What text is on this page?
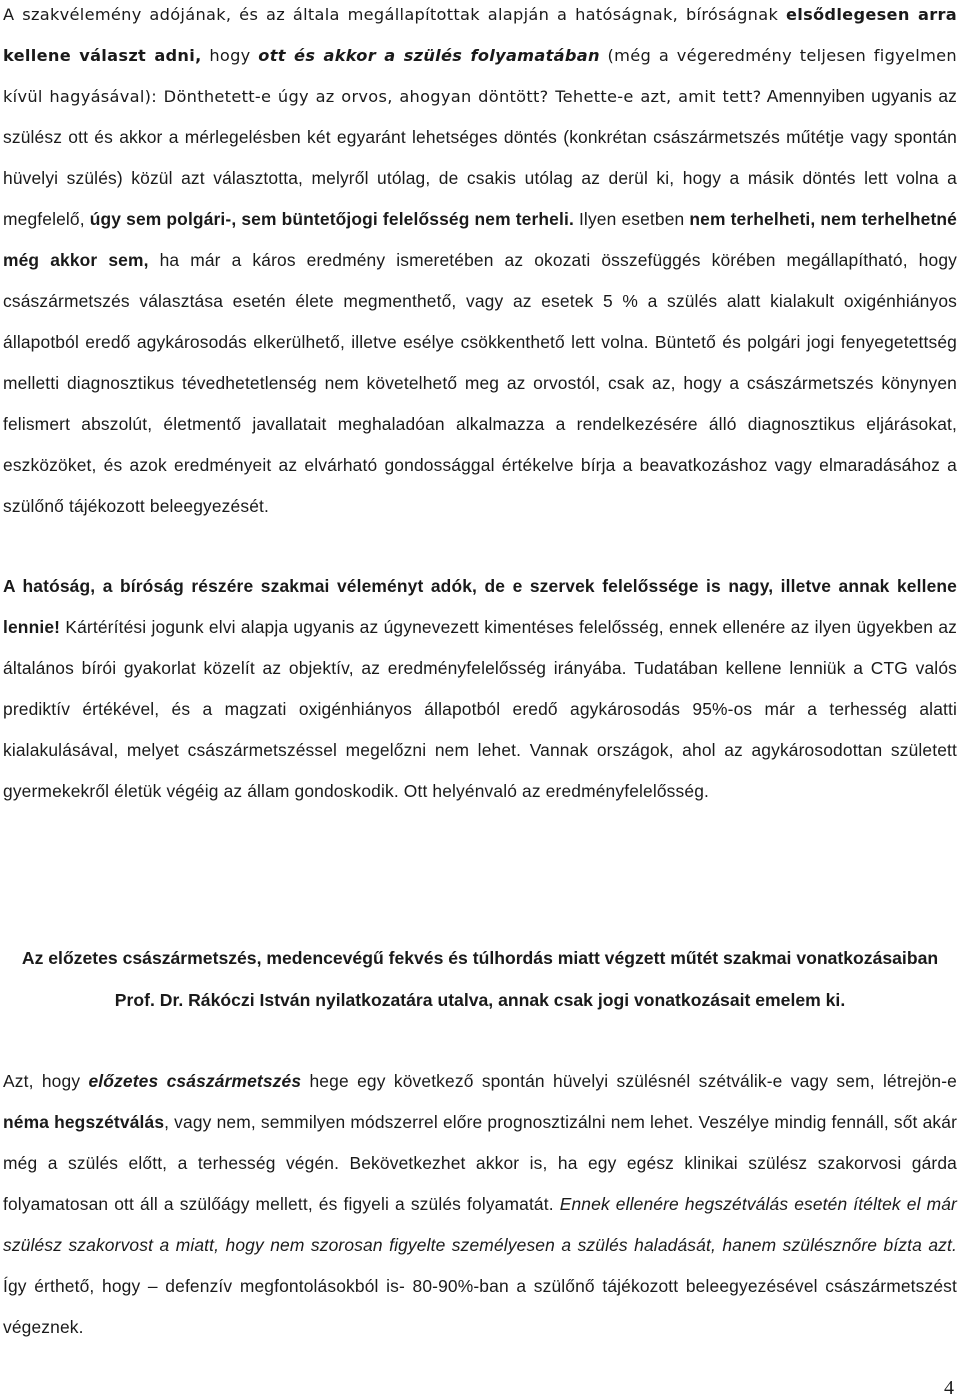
A szakvélemény adójának, és az általa megállapítottak alapján a hatóságnak, bíróságnak elsődlegesen arra kellene választ adni, hogy ott és akkor a szülés folyamatában (még a végeredmény teljesen figyelmen kívül hagyásával): Dönthetett-e úgy az orvos, ahogyan döntött? Tehette-e azt, amit tett? Amennyiben ugyanis az szülész ott és akkor a mérlegelésben két egyaránt lehetséges döntés (konkrétan császármetszés műtétje vagy spontán hüvelyi szülés) közül azt választotta, melyről utólag, de csakis utólag az derül ki, hogy a másik döntés lett volna a megfelelő, úgy sem polgári-, sem büntetőjogi felelősség nem terheli. Ilyen esetben nem terhelheti, nem terhelhetné még akkor sem, ha már a káros eredmény ismeretében az okozati összefüggés körében megállapítható, hogy császármetszés választása esetén élete megmenthető, vagy az esetek 5 % a szülés alatt kialakult oxigénhiányos állapotból eredő agykárosodás elkerülhető, illetve esélye csökkenthető lett volna. Büntető és polgári jogi fenyegetettség melletti diagnosztikus tévedhetetlenség nem követelhető meg az orvostól, csak az, hogy a császármetszés könynyen felismert abszolút, életmentő javallatait meghaladóan alkalmazza a rendelkezésére álló diagnosztikus eljárásokat, eszközöket, és azok eredményeit az elvárható gondossággal értékelve bírja a beavatkozáshoz vagy elmaradásához a szülőnő tájékozott beleegyezését.

A hatóság, a bíróság részére szakmai véleményt adók, de e szervek felelőssége is nagy, illetve annak kellene lennie! Kártérítési jogunk elvi alapja ugyanis az úgynevezett kimentéses felelősség, ennek ellenére az ilyen ügyekben az általános bírói gyakorlat közelít az objektív, az eredményfelelősség irányába. Tudatában kellene lenniük a CTG valós prediktív értékével, és a magzati oxigénhiányos állapotból eredő agykárosodás 95%-os már a terhesség alatti kialakulásával, melyet császármetszéssel megelőzni nem lehet. Vannak országok, ahol az agykárosodottan született gyermekekről életük végéig az állam gondoskodik. Ott helyénvaló az eredményfelelősség.

Az előzetes császármetszés, medencevégű fekvés és túlhordás miatt végzett műtét szakmai vonatkozásaiban Prof. Dr. Rákóczi István nyilatkozatára utalva, annak csak jogi vonatkozásait emelem ki.

Azt, hogy előzetes császármetszés hege egy következő spontán hüvelyi szülésnél szétválik-e vagy sem, létrejön-e néma hegszétválás, vagy nem, semmilyen módszerrel előre prognosztizálni nem lehet. Veszélye mindig fennáll, sőt akár még a szülés előtt, a terhesség végén. Bekövetkezhet akkor is, ha egy egész klinikai szülész szakorvosi gárda folyamatosan ott áll a szülőágy mellett, és figyeli a szülés folyamatát. Ennek ellenére hegszétválás esetén ítéltek el már szülész szakorvost a miatt, hogy nem szorosan figyelte személyesen a szülés haladását, hanem szülésznőre bízta azt. Így érthető, hogy – defenzív megfontolásokból is- 80-90%-ban a szülőnő tájékozott beleegyezésével császármetszést végeznek.

4
